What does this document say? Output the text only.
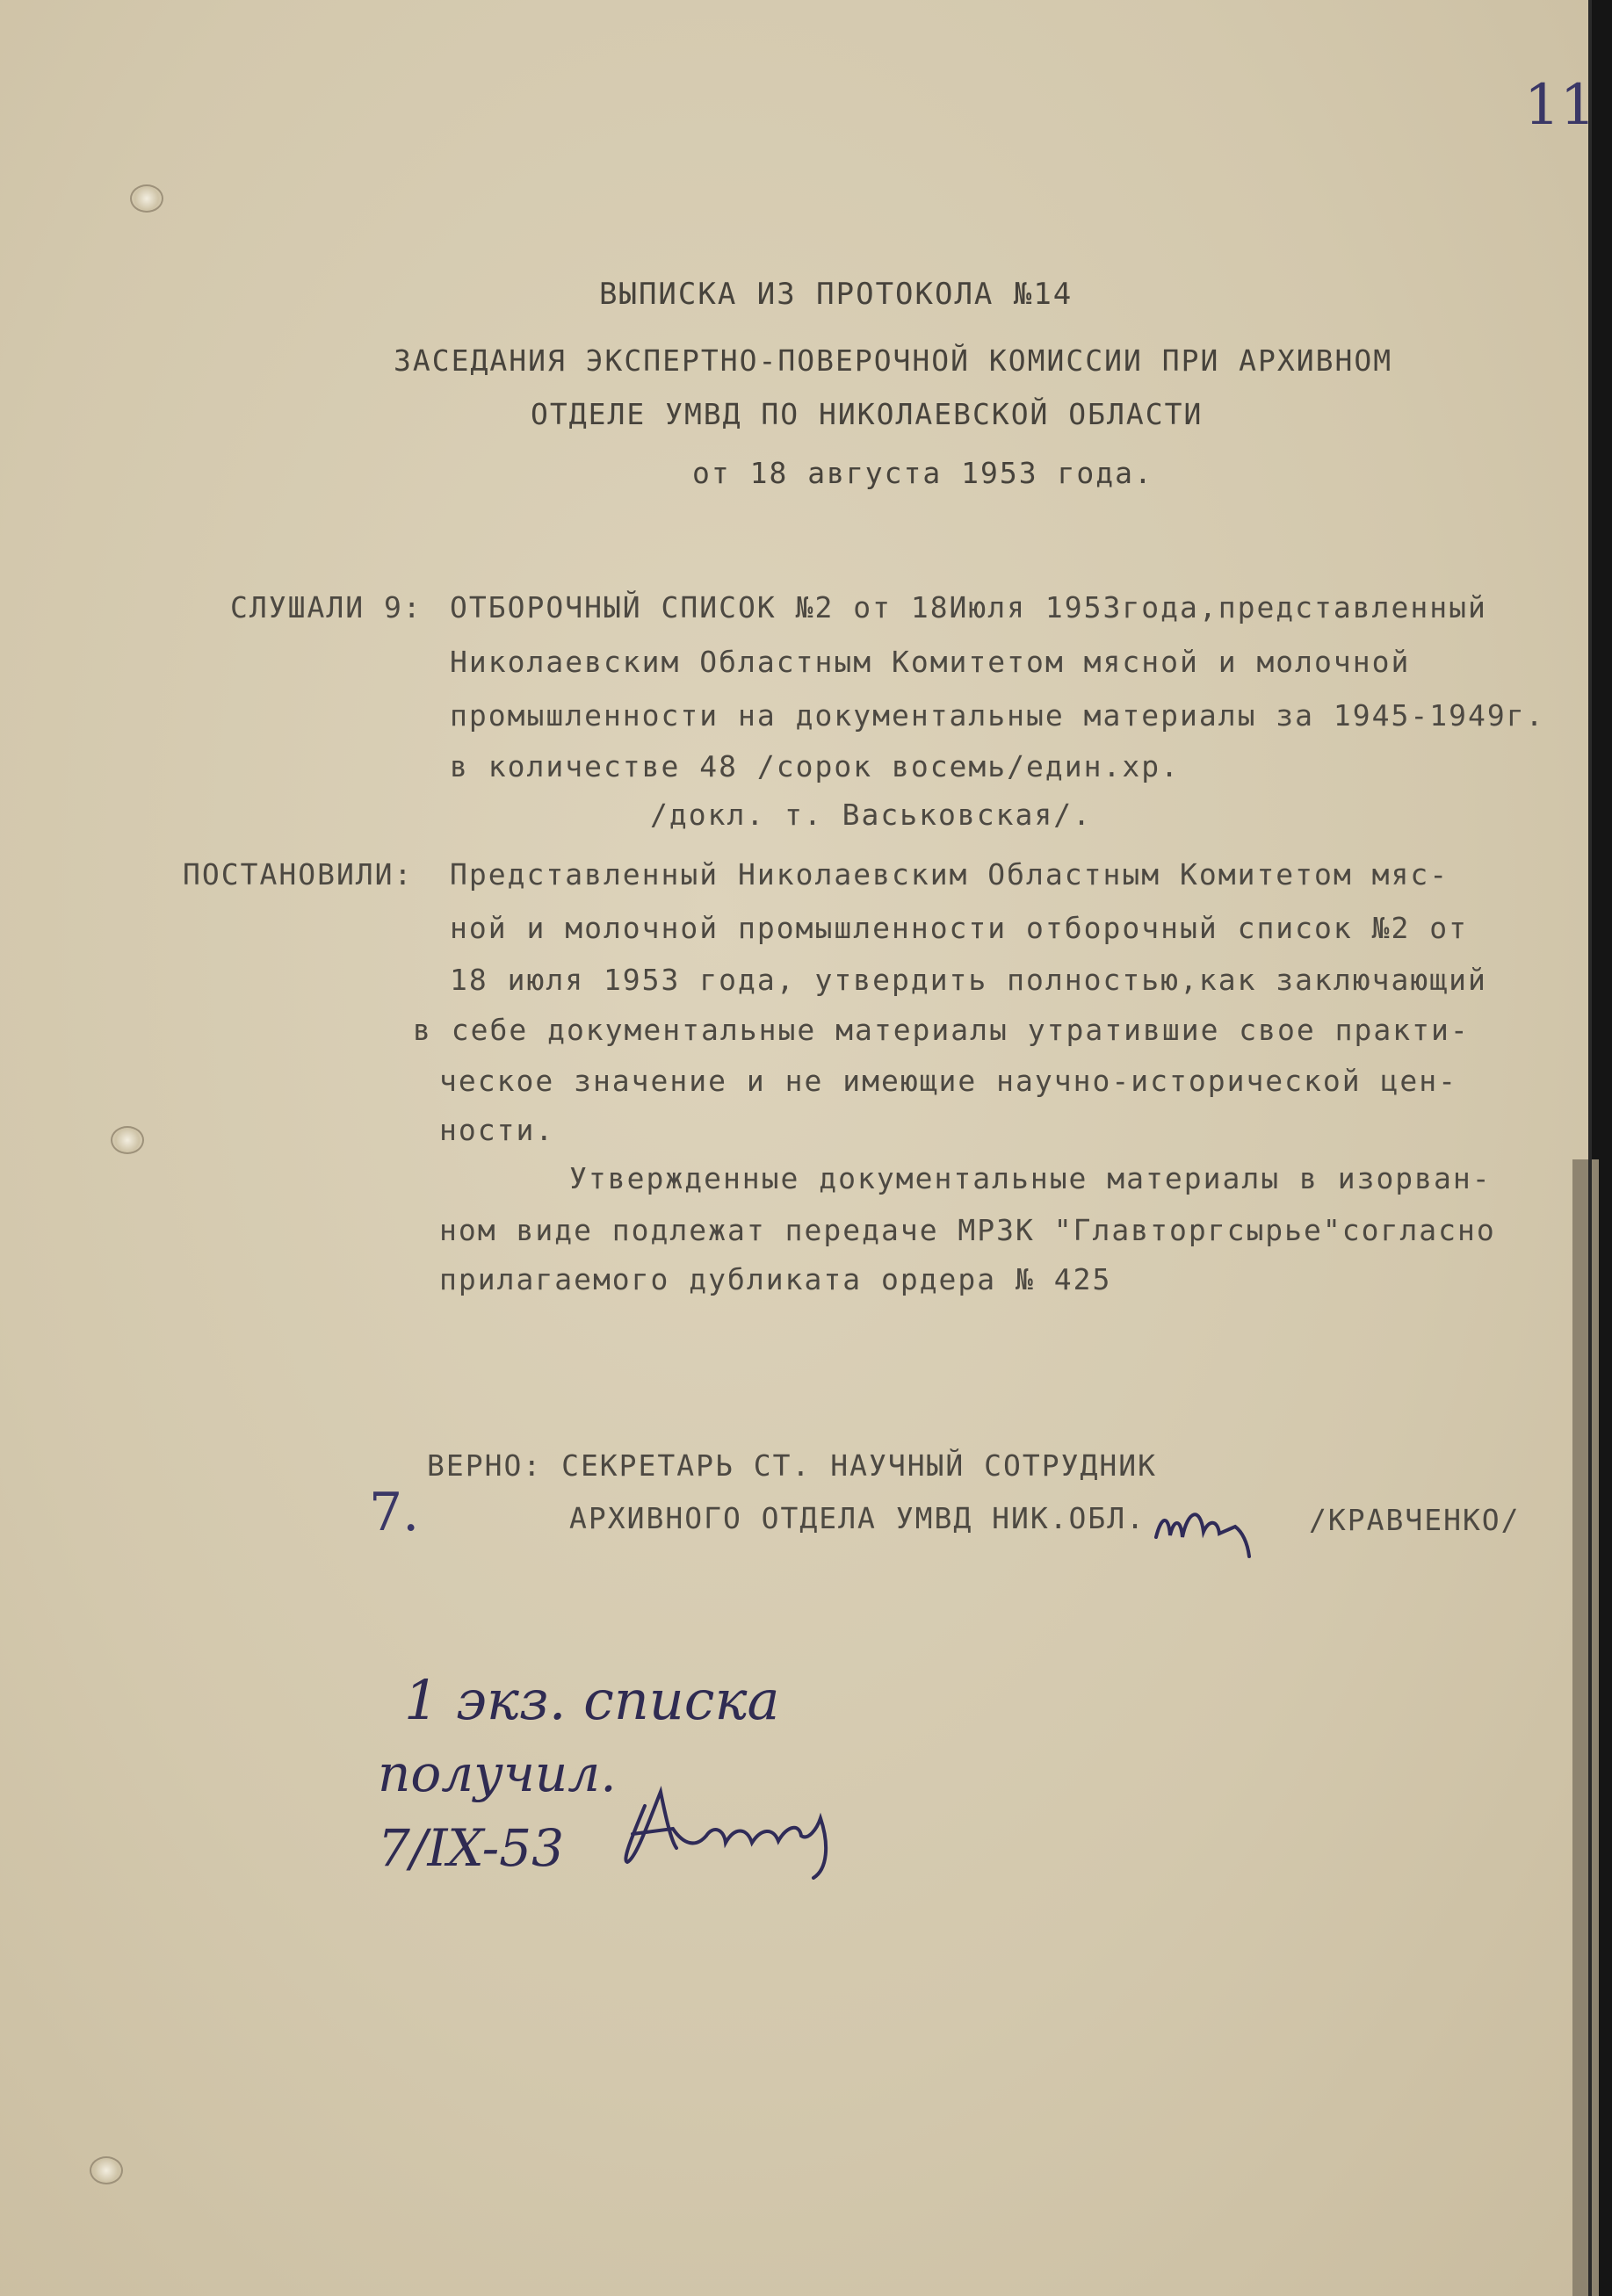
11
ВЫПИСКА ИЗ ПРОТОКОЛА №14
ЗАСЕДАНИЯ ЭКСПЕРТНО-ПОВЕРОЧНОЙ КОМИССИИ ПРИ АРХИВНОМ
ОТДЕЛЕ УМВД ПО НИКОЛАЕВСКОЙ ОБЛАСТИ
от 18 августа 1953 года.
СЛУШАЛИ 9: ОТБОРОЧНЫЙ СПИСОК №2 от 18Июля 1953года,представленный
Николаевским Областным Комитетом мясной и молочной
промышленности на документальные материалы за 1945-1949г.
в количестве 48 /сорок восемь/един.хр.
/докл. т. Васьковская/.
ПОСТАНОВИЛИ: Представленный Николаевским Областным Комитетом мяс-
ной и молочной промышленности отборочный список №2 от
18 июля 1953 года, утвердить полностью,как заключающий
в себе документальные материалы утратившие свое практи-
ческое значение и не имеющие научно-исторической цен-
ности.
Утвержденные документальные материалы в изорван-
ном виде подлежат передаче МРЗК "Главторгсырье"согласно
прилагаемого дубликата ордера № 425
7.
ВЕРНО: СЕКРЕТАРЬ СТ. НАУЧНЫЙ СОТРУДНИК
АРХИВНОГО ОТДЕЛА УМВД НИК.ОБЛ.	/КРАВЧЕНКО/
1 экз. списка
получил.
7/IX-53
